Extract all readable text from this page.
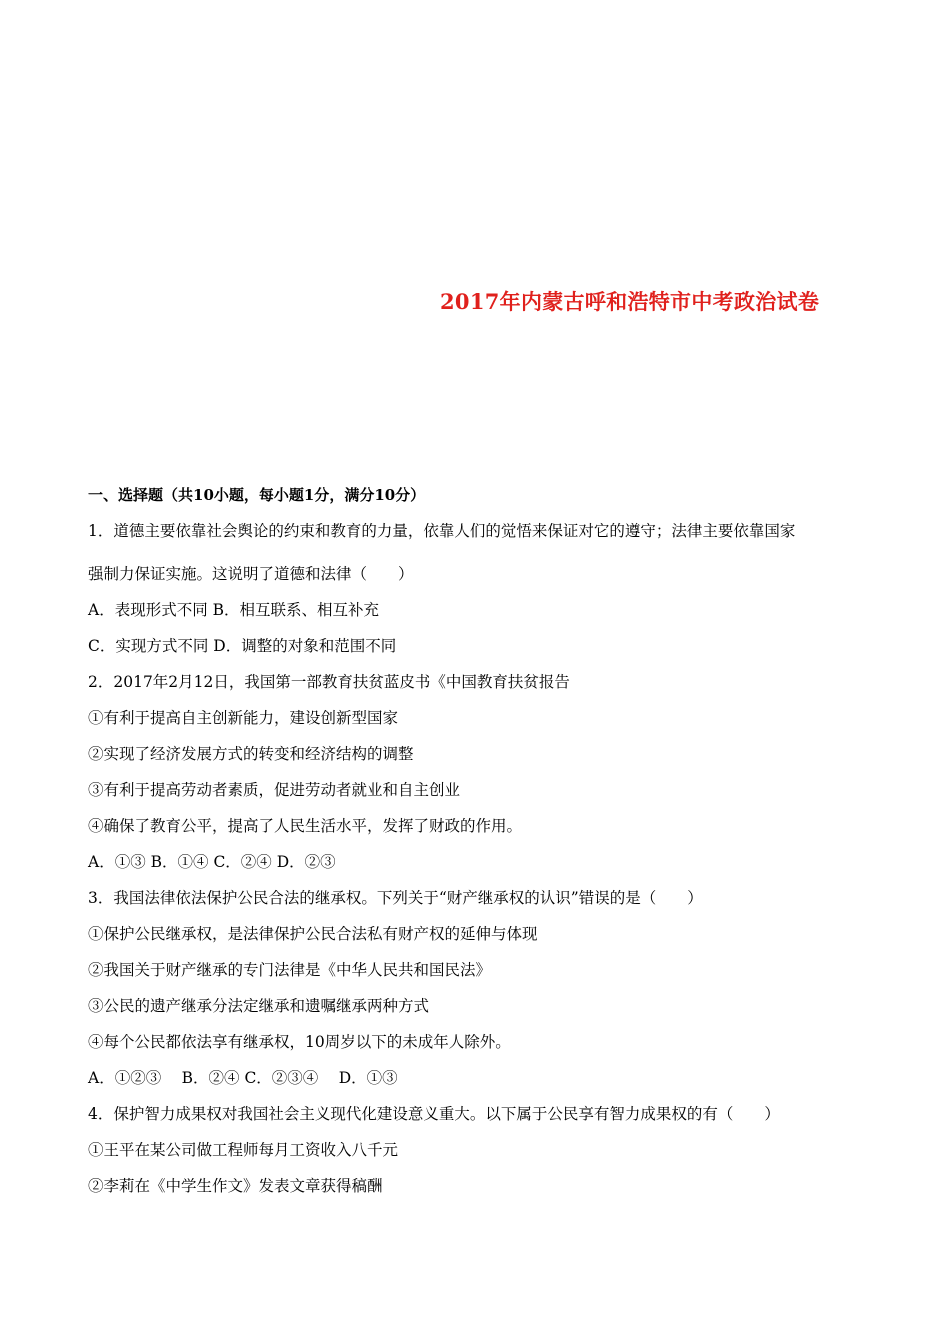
2017年内蒙古呼和浩特市中考政治试卷
一、选择题（共10小题，每小题1分，满分10分）
1．道德主要依靠社会舆论的约束和教育的力量，依靠人们的觉悟来保证对它的遵守；法律主要依靠国家
强制力保证实施。这说明了道德和法律（　　）
A．表现形式不同 B．相互联系、相互补充
C．实现方式不同 D．调整的对象和范围不同
2．2017年2月12日，我国第一部教育扶贫蓝皮书《中国教育扶贫报告
①有利于提高自主创新能力，建设创新型国家
②实现了经济发展方式的转变和经济结构的调整
③有利于提高劳动者素质，促进劳动者就业和自主创业
④确保了教育公平，提高了人民生活水平，发挥了财政的作用。
A．①③ B．①④ C．②④ D．②③
3．我国法律依法保护公民合法的继承权。下列关于“财产继承权的认识”错误的是（　　）
①保护公民继承权，是法律保护公民合法私有财产权的延伸与体现
②我国关于财产继承的专门法律是《中华人民共和国民法》
③公民的遗产继承分法定继承和遗嘱继承两种方式
④每个公民都依法享有继承权，10周岁以下的未成年人除外。
A．①②③　 B．②④ C．②③④　 D．①③
4．保护智力成果权对我国社会主义现代化建设意义重大。以下属于公民享有智力成果权的有（　　）
①王平在某公司做工程师每月工资收入八千元
②李莉在《中学生作文》发表文章获得稿酬
